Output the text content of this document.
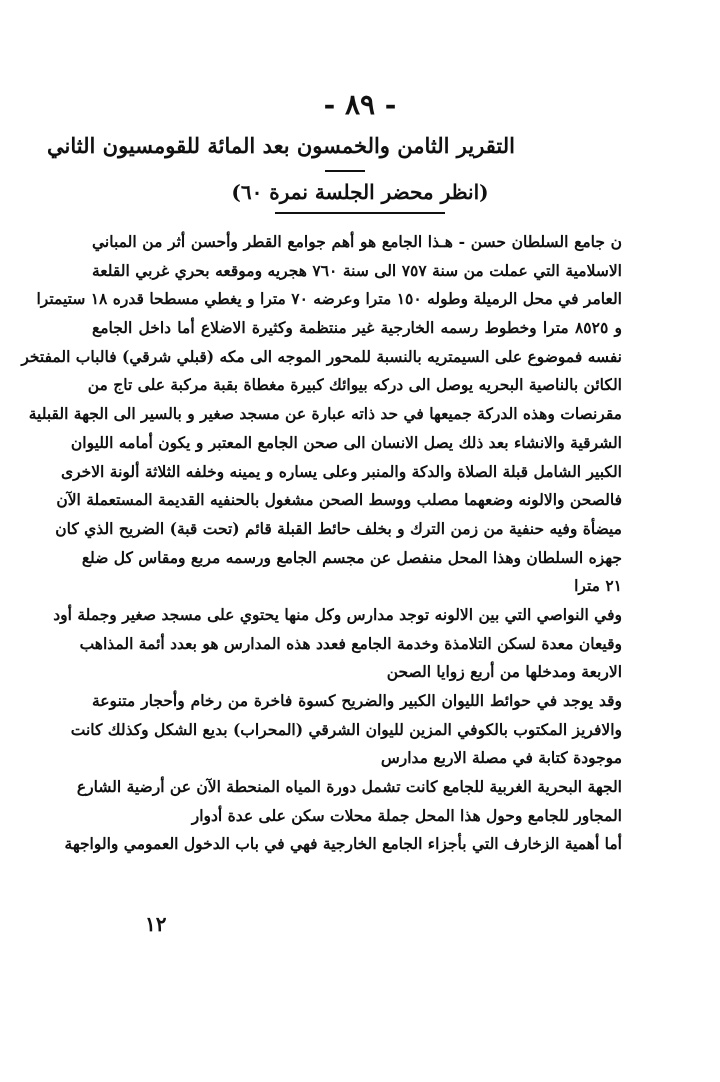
- ٨٩ -
التقرير الثامن والخمسون بعد المائة للقومسيون الثاني
(انظر محضر الجلسة نمرة ٦٠)
ن جامع السلطان حسن - هـذا الجامع هو أهم جوامع القطر وأحسن أثر من المباني
الاسلامية التي عملت من سنة ٧٥٧ الى سنة ٧٦٠ هجريه وموقعه بحري غربي القلعة
العامر في محل الرميلة وطوله ١٥٠ مترا وعرضه ٧٠ مترا و يغطي مسطحا قدره ١٨ ستيمترا
و ٨٥٢٥ مترا وخطوط رسمه الخارجية غير منتظمة وكثيرة الاضلاع أما داخل الجامع
نفسه فموضوع على السيمتريه بالنسبة للمحور الموجه الى مكه (قبلي شرقي) فالباب المفتخر
الكائن بالناصية البحريه يوصل الى دركه بيوائك كبيرة مغطاة بقبة مركبة على تاج من
مقرنصات وهذه الدركة جميعها في حد ذاته عبارة عن مسجد صغير و بالسير الى الجهة القبلية
الشرقية والانشاء بعد ذلك يصل الانسان الى صحن الجامع المعتبر و يكون أمامه الليوان
الكبير الشامل قبلة الصلاة والدكة والمنبر وعلى يساره و يمينه وخلفه الثلاثة ألونة الاخرى
فالصحن والالونه وضعهما مصلب ووسط الصحن مشغول بالحنفيه القديمة المستعملة الآن
ميضأة وفيه حنفية من زمن الترك و بخلف حائط القبلة قائم (تحت قبة) الضريح الذي كان
جهزه السلطان وهذا المحل منفصل عن مجسم الجامع ورسمه مربع ومقاس كل ضلع
٢١ مترا
وفي النواصي التي بين الالونه توجد مدارس وكل منها يحتوي على مسجد صغير وجملة أود
وقيعان معدة لسكن التلامذة وخدمة الجامع فعدد هذه المدارس هو بعدد أئمة المذاهب
الاربعة ومدخلها من أربع زوايا الصحن
وقد يوجد في حوائط الليوان الكبير والضريح كسوة فاخرة من رخام وأحجار متنوعة
والافريز المكتوب بالكوفي المزين لليوان الشرقي (المحراب) بديع الشكل وكذلك كانت
موجودة كتابة في مصلة الاربع مدارس
الجهة البحرية الغربية للجامع كانت تشمل دورة المياه المنحطة الآن عن أرضية الشارع
المجاور للجامع وحول هذا المحل جملة محلات سكن على عدة أدوار
أما أهمية الزخارف التي بأجزاء الجامع الخارجية فهي في باب الدخول العمومي والواجهة
١٢
